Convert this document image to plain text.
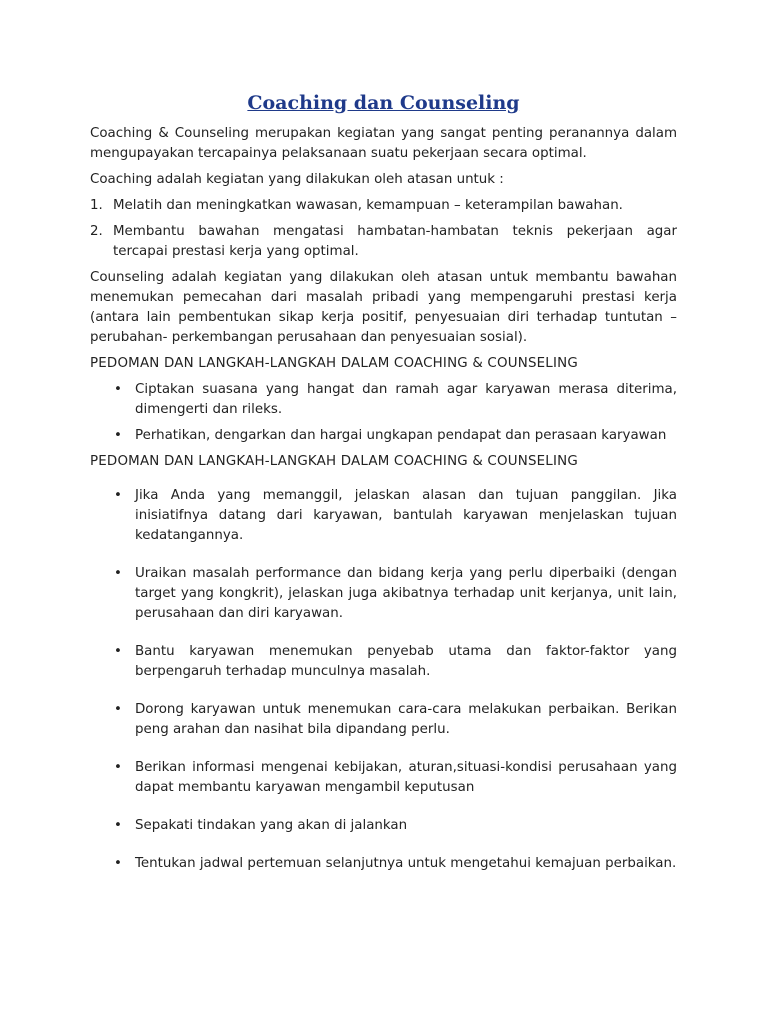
Coaching dan Counseling

Coaching & Counseling merupakan kegiatan yang sangat penting peranannya dalam mengupayakan tercapainya pelaksanaan suatu pekerjaan secara optimal.

Coaching adalah kegiatan yang dilakukan oleh atasan untuk :

1. Melatih dan meningkatkan wawasan, kemampuan – keterampilan bawahan.
2. Membantu bawahan mengatasi hambatan-hambatan teknis pekerjaan agar tercapai prestasi kerja yang optimal.

Counseling adalah kegiatan yang dilakukan oleh atasan untuk membantu bawahan menemukan pemecahan dari masalah pribadi yang mempengaruhi prestasi kerja (antara lain pembentukan sikap kerja positif, penyesuaian diri terhadap tuntutan – perubahan- perkembangan perusahaan dan penyesuaian sosial).

PEDOMAN DAN LANGKAH-LANGKAH DALAM COACHING & COUNSELING

• Ciptakan suasana yang hangat dan ramah agar karyawan merasa diterima, dimengerti dan rileks.
• Perhatikan, dengarkan dan hargai ungkapan pendapat dan perasaan karyawan

PEDOMAN DAN LANGKAH-LANGKAH DALAM COACHING & COUNSELING

• Jika Anda yang memanggil, jelaskan alasan dan tujuan panggilan. Jika inisiatifnya datang dari karyawan, bantulah karyawan menjelaskan tujuan kedatangannya.
• Uraikan masalah performance dan bidang kerja yang perlu diperbaiki (dengan target yang kongkrit), jelaskan juga akibatnya terhadap unit kerjanya, unit lain, perusahaan dan diri karyawan.
• Bantu karyawan menemukan penyebab utama dan faktor-faktor yang berpengaruh terhadap munculnya masalah.
• Dorong karyawan untuk menemukan cara-cara melakukan perbaikan. Berikan peng arahan dan nasihat bila dipandang perlu.
• Berikan informasi mengenai kebijakan, aturan,situasi-kondisi perusahaan yang dapat membantu karyawan mengambil keputusan
• Sepakati tindakan yang akan di jalankan
• Tentukan jadwal pertemuan selanjutnya untuk mengetahui kemajuan perbaikan.
